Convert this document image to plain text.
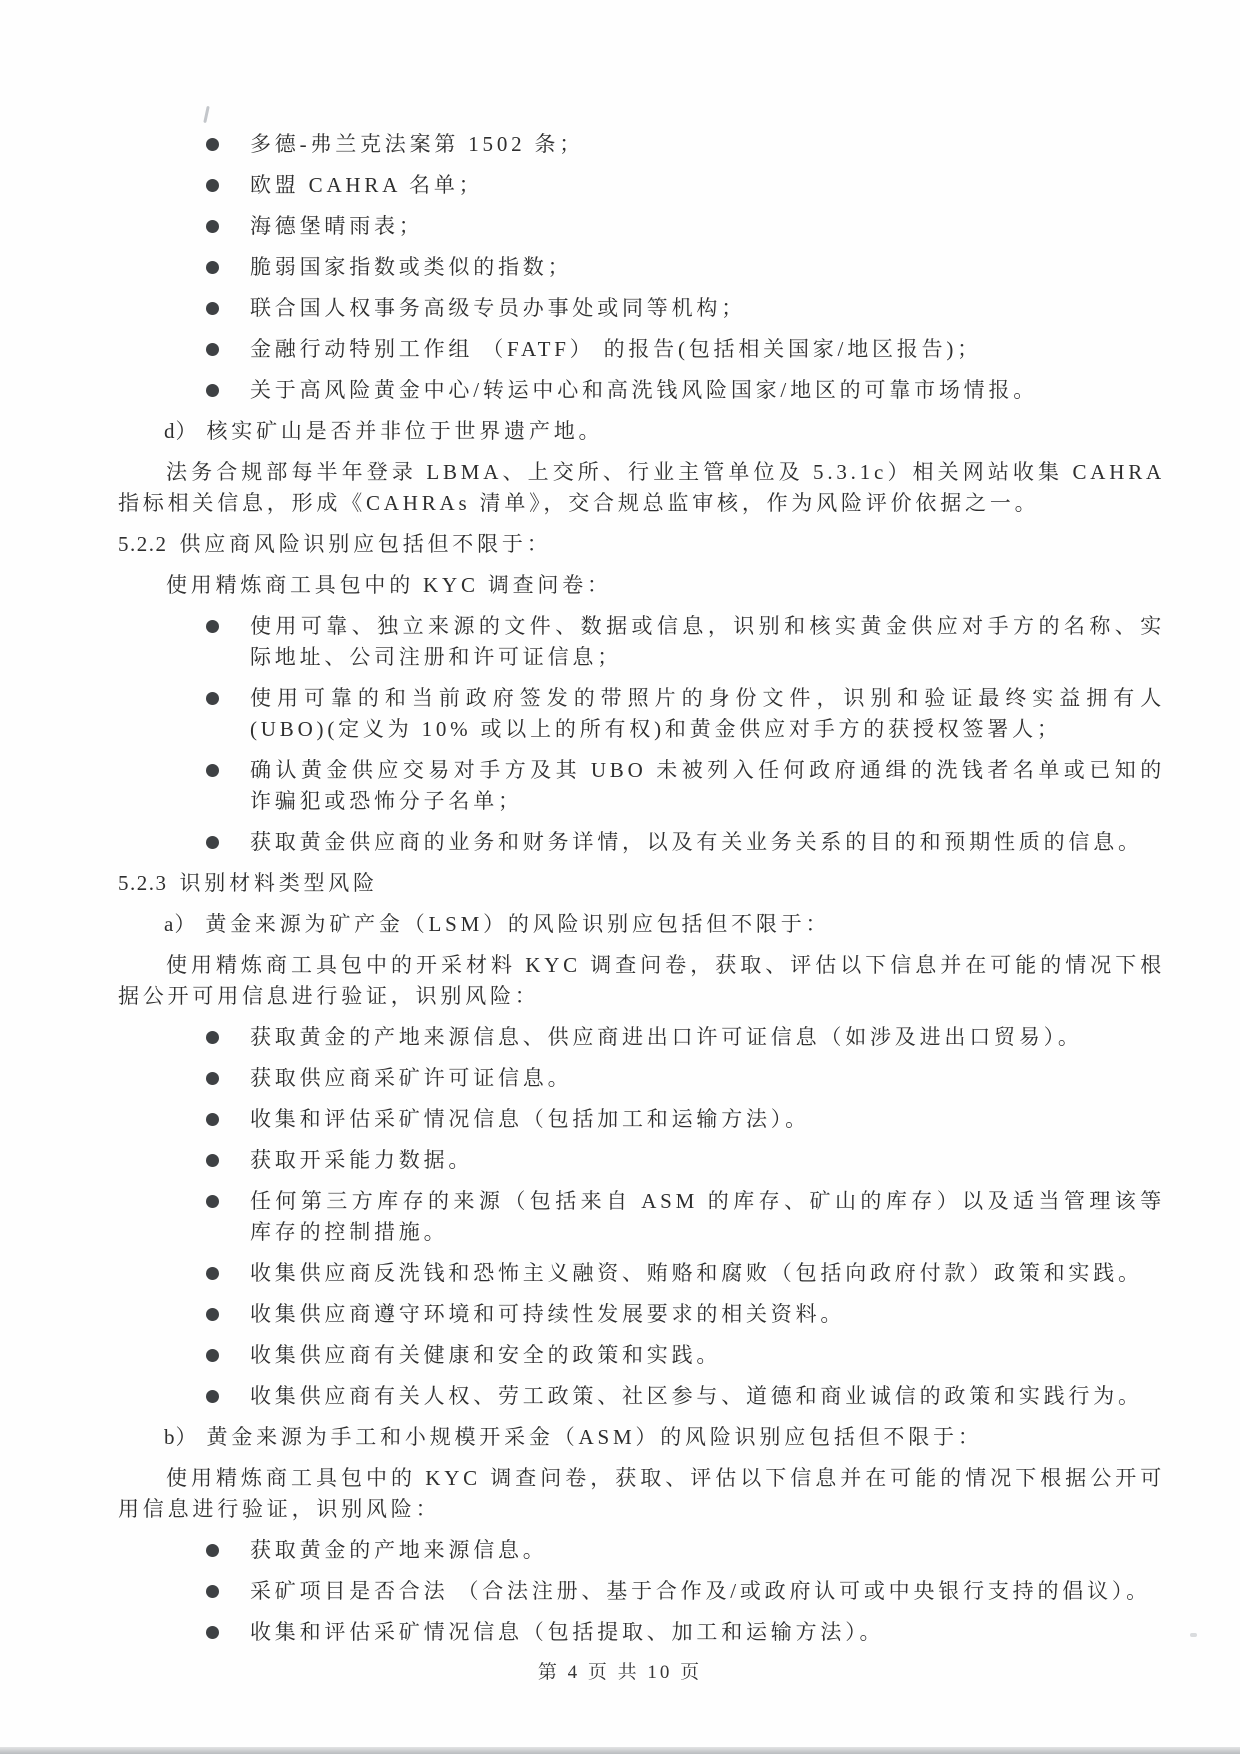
多德-弗兰克法案第 1502 条；
欧盟 CAHRA 名单；
海德堡晴雨表；
脆弱国家指数或类似的指数；
联合国人权事务高级专员办事处或同等机构；
金融行动特别工作组 （FATF） 的报告(包括相关国家/地区报告)；
关于高风险黄金中心/转运中心和高洗钱风险国家/地区的可靠市场情报。
d） 核实矿山是否并非位于世界遗产地。
法务合规部每半年登录 LBMA、上交所、行业主管单位及 5.3.1c）相关网站收集 CAHRA 指标相关信息，形成《CAHRAs 清单》，交合规总监审核，作为风险评价依据之一。
5.2.2 供应商风险识别应包括但不限于：
使用精炼商工具包中的 KYC 调查问卷：
使用可靠、独立来源的文件、数据或信息，识别和核实黄金供应对手方的名称、实际地址、公司注册和许可证信息；
使用可靠的和当前政府签发的带照片的身份文件，识别和验证最终实益拥有人 (UBO)(定义为 10% 或以上的所有权)和黄金供应对手方的获授权签署人；
确认黄金供应交易对手方及其 UBO 未被列入任何政府通缉的洗钱者名单或已知的诈骗犯或恐怖分子名单；
获取黄金供应商的业务和财务详情，以及有关业务关系的目的和预期性质的信息。
5.2.3 识别材料类型风险
a） 黄金来源为矿产金（LSM）的风险识别应包括但不限于：
使用精炼商工具包中的开采材料 KYC 调查问卷，获取、评估以下信息并在可能的情况下根据公开可用信息进行验证，识别风险：
获取黄金的产地来源信息、供应商进出口许可证信息（如涉及进出口贸易）。
获取供应商采矿许可证信息。
收集和评估采矿情况信息（包括加工和运输方法）。
获取开采能力数据。
任何第三方库存的来源（包括来自 ASM 的库存、矿山的库存）以及适当管理该等库存的控制措施。
收集供应商反洗钱和恐怖主义融资、贿赂和腐败（包括向政府付款）政策和实践。
收集供应商遵守环境和可持续性发展要求的相关资料。
收集供应商有关健康和安全的政策和实践。
收集供应商有关人权、劳工政策、社区参与、道德和商业诚信的政策和实践行为。
b） 黄金来源为手工和小规模开采金（ASM）的风险识别应包括但不限于：
使用精炼商工具包中的 KYC 调查问卷，获取、评估以下信息并在可能的情况下根据公开可用信息进行验证，识别风险：
获取黄金的产地来源信息。
采矿项目是否合法 （合法注册、基于合作及/或政府认可或中央银行支持的倡议）。
收集和评估采矿情况信息（包括提取、加工和运输方法）。
第 4 页 共 10 页
